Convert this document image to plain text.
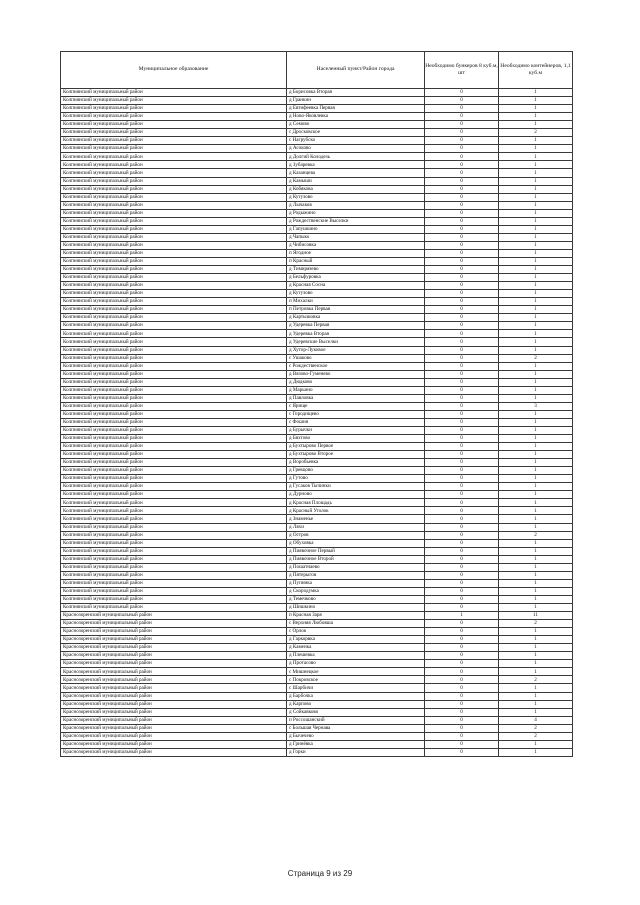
Муниципальное образование	Населенный пункт/Район города	Необходимо бункеров 8 куб.м, шт	Необходимо контейнеров, 1,1 куб.м
Колпнянский муниципальный район	д Борисовка Вторая	0	1
Колпнянский муниципальный район	д Гранкин	0	1
Колпнянский муниципальный район	д Евтифеевка Первая	0	1
Колпнянский муниципальный район	д Ново-Яковлевка	0	1
Колпнянский муниципальный район	д Семово	0	1
Колпнянский муниципальный район	с Дросковское	0	2
Колпнянский муниципальный район	с Нагрубско	0	1
Колпнянский муниципальный район	д Асоково	0	1
Колпнянский муниципальный район	д Долгий Колодезь	0	1
Колпнянский муниципальный район	д Зубаревка	0	1
Колпнянский муниципальный район	д Казанцева	0	1
Колпнянский муниципальный район	д Камыши	0	1
Колпнянский муниципальный район	д Кобякова	0	1
Колпнянский муниципальный район	д Кутузово	0	1
Колпнянский муниципальный район	д Лычаков	0	1
Колпнянский муниципальный район	д Родыжино	0	1
Колпнянский муниципальный район	д Рождественские Выселки	0	1
Колпнянский муниципальный район	д Гапушкино	0	1
Колпнянский муниципальный район	д Чапыко	0	1
Колпнянский муниципальный район	д Чибисовка	0	1
Колпнянский муниципальный район	п Ягодное	0	1
Колпнянский муниципальный район	п Красный	0	1
Колпнянский муниципальный район	д Тимирязево	0	1
Колпнянский муниципальный район	д Бельфуровка	0	1
Колпнянский муниципальный район	д Красная Сосна	0	1
Колпнянский муниципальный район	д Кутузово	0	1
Колпнянский муниципальный район	п Михалки	0	1
Колпнянский муниципальный район	п Петровка Первая	0	1
Колпнянский муниципальный район	д Картышовка	0	1
Колпнянский муниципальный район	д Удеревка Первая	0	1
Колпнянский муниципальный район	д Удеревка Вторая	0	1
Колпнянский муниципальный район	д Удеревские Выселки	0	1
Колпнянский муниципальный район	д Хутор-Луковое	0	1
Колпнянский муниципальный район	с Ушаково	0	2
Колпнянский муниципальный район	с Рождественское	0	1
Колпнянский муниципальный район	д Вязово-Гуменево	0	1
Колпнянский муниципальный район	д Дюдково	0	1
Колпнянский муниципальный район	д Марьино	0	1
Колпнянский муниципальный район	д Павловка	0	1
Колпнянский муниципальный район	с Ярище	0	3
Колпнянский муниципальный район	с Городищево	0	1
Колпнянский муниципальный район	с Фошня	0	1
Колпнянский муниципальный район	д Бурычки	0	1
Колпнянский муниципальный район	д Бяхтово	0	1
Колпнянский муниципальный район	д Бухтырово Первое	0	1
Колпнянский муниципальный район	д Бухтырово Второе	0	1
Колпнянский муниципальный район	д Воробьевка	0	1
Колпнянский муниципальный район	д Гревцово	0	1
Колпнянский муниципальный район	д Гутово	0	1
Колпнянский муниципальный район	д Гусаков Тычинки	0	1
Колпнянский муниципальный район	д Дурново	0	1
Колпнянский муниципальный район	д Красная Площадь	0	1
Колпнянский муниципальный район	д Красный Уголок	0	1
Колпнянский муниципальный район	д Знаменье	0	1
Колпнянский муниципальный район	д Ляхи	0	1
Колпнянский муниципальный район	д Остров	0	2
Колпнянский муниципальный район	д Обуховка	0	1
Колпнянский муниципальный район	д Пиявочное Первый	0	1
Колпнянский муниципальный район	д Пиявочное Второй	0	1
Колпнянский муниципальный район	д Пошатнаево	0	1
Колпнянский муниципальный район	д Пятерыгов	0	1
Колпнянский муниципальный район	д Пупинка	0	1
Колпнянский муниципальный район	д Скородумка	0	1
Колпнянский муниципальный район	д Темечково	0	1
Колпнянский муниципальный район	д Шишкино	0	1
Краснозоренский муниципальный район	п Красная Заря	1	11
Краснозоренский муниципальный район	с Верхняя Любовша	0	2
Краснозоренский муниципальный район	с Орлок	0	1
Краснозоренский муниципальный район	д Гаркорвка	0	1
Краснозоренский муниципальный район	д Каменка	0	1
Краснозоренский муниципальный район	д Плешевка	0	1
Краснозоренский муниципальный район	д Протасово	0	1
Краснозоренский муниципальный район	с Мишнецкое	0	1
Краснозоренский муниципальный район	с Покровское	0	2
Краснозоренский муниципальный район	с Шарбичи	0	1
Краснозоренский муниципальный район	д Барбочка	0	1
Краснозоренский муниципальный район	д Карпово	0	1
Краснозоренский муниципальный район	д Сойкавково	0	1
Краснозоренский муниципальный район	п Россошанский	0	4
Краснозоренский муниципальный район	с Большая Чернава	0	2
Краснозоренский муниципальный район	д Бычечево	0	2
Краснозоренский муниципальный район	д Гринёвка	0	1
Краснозоренский муниципальный район	д Горки	0	1
Страница 9 из 29
